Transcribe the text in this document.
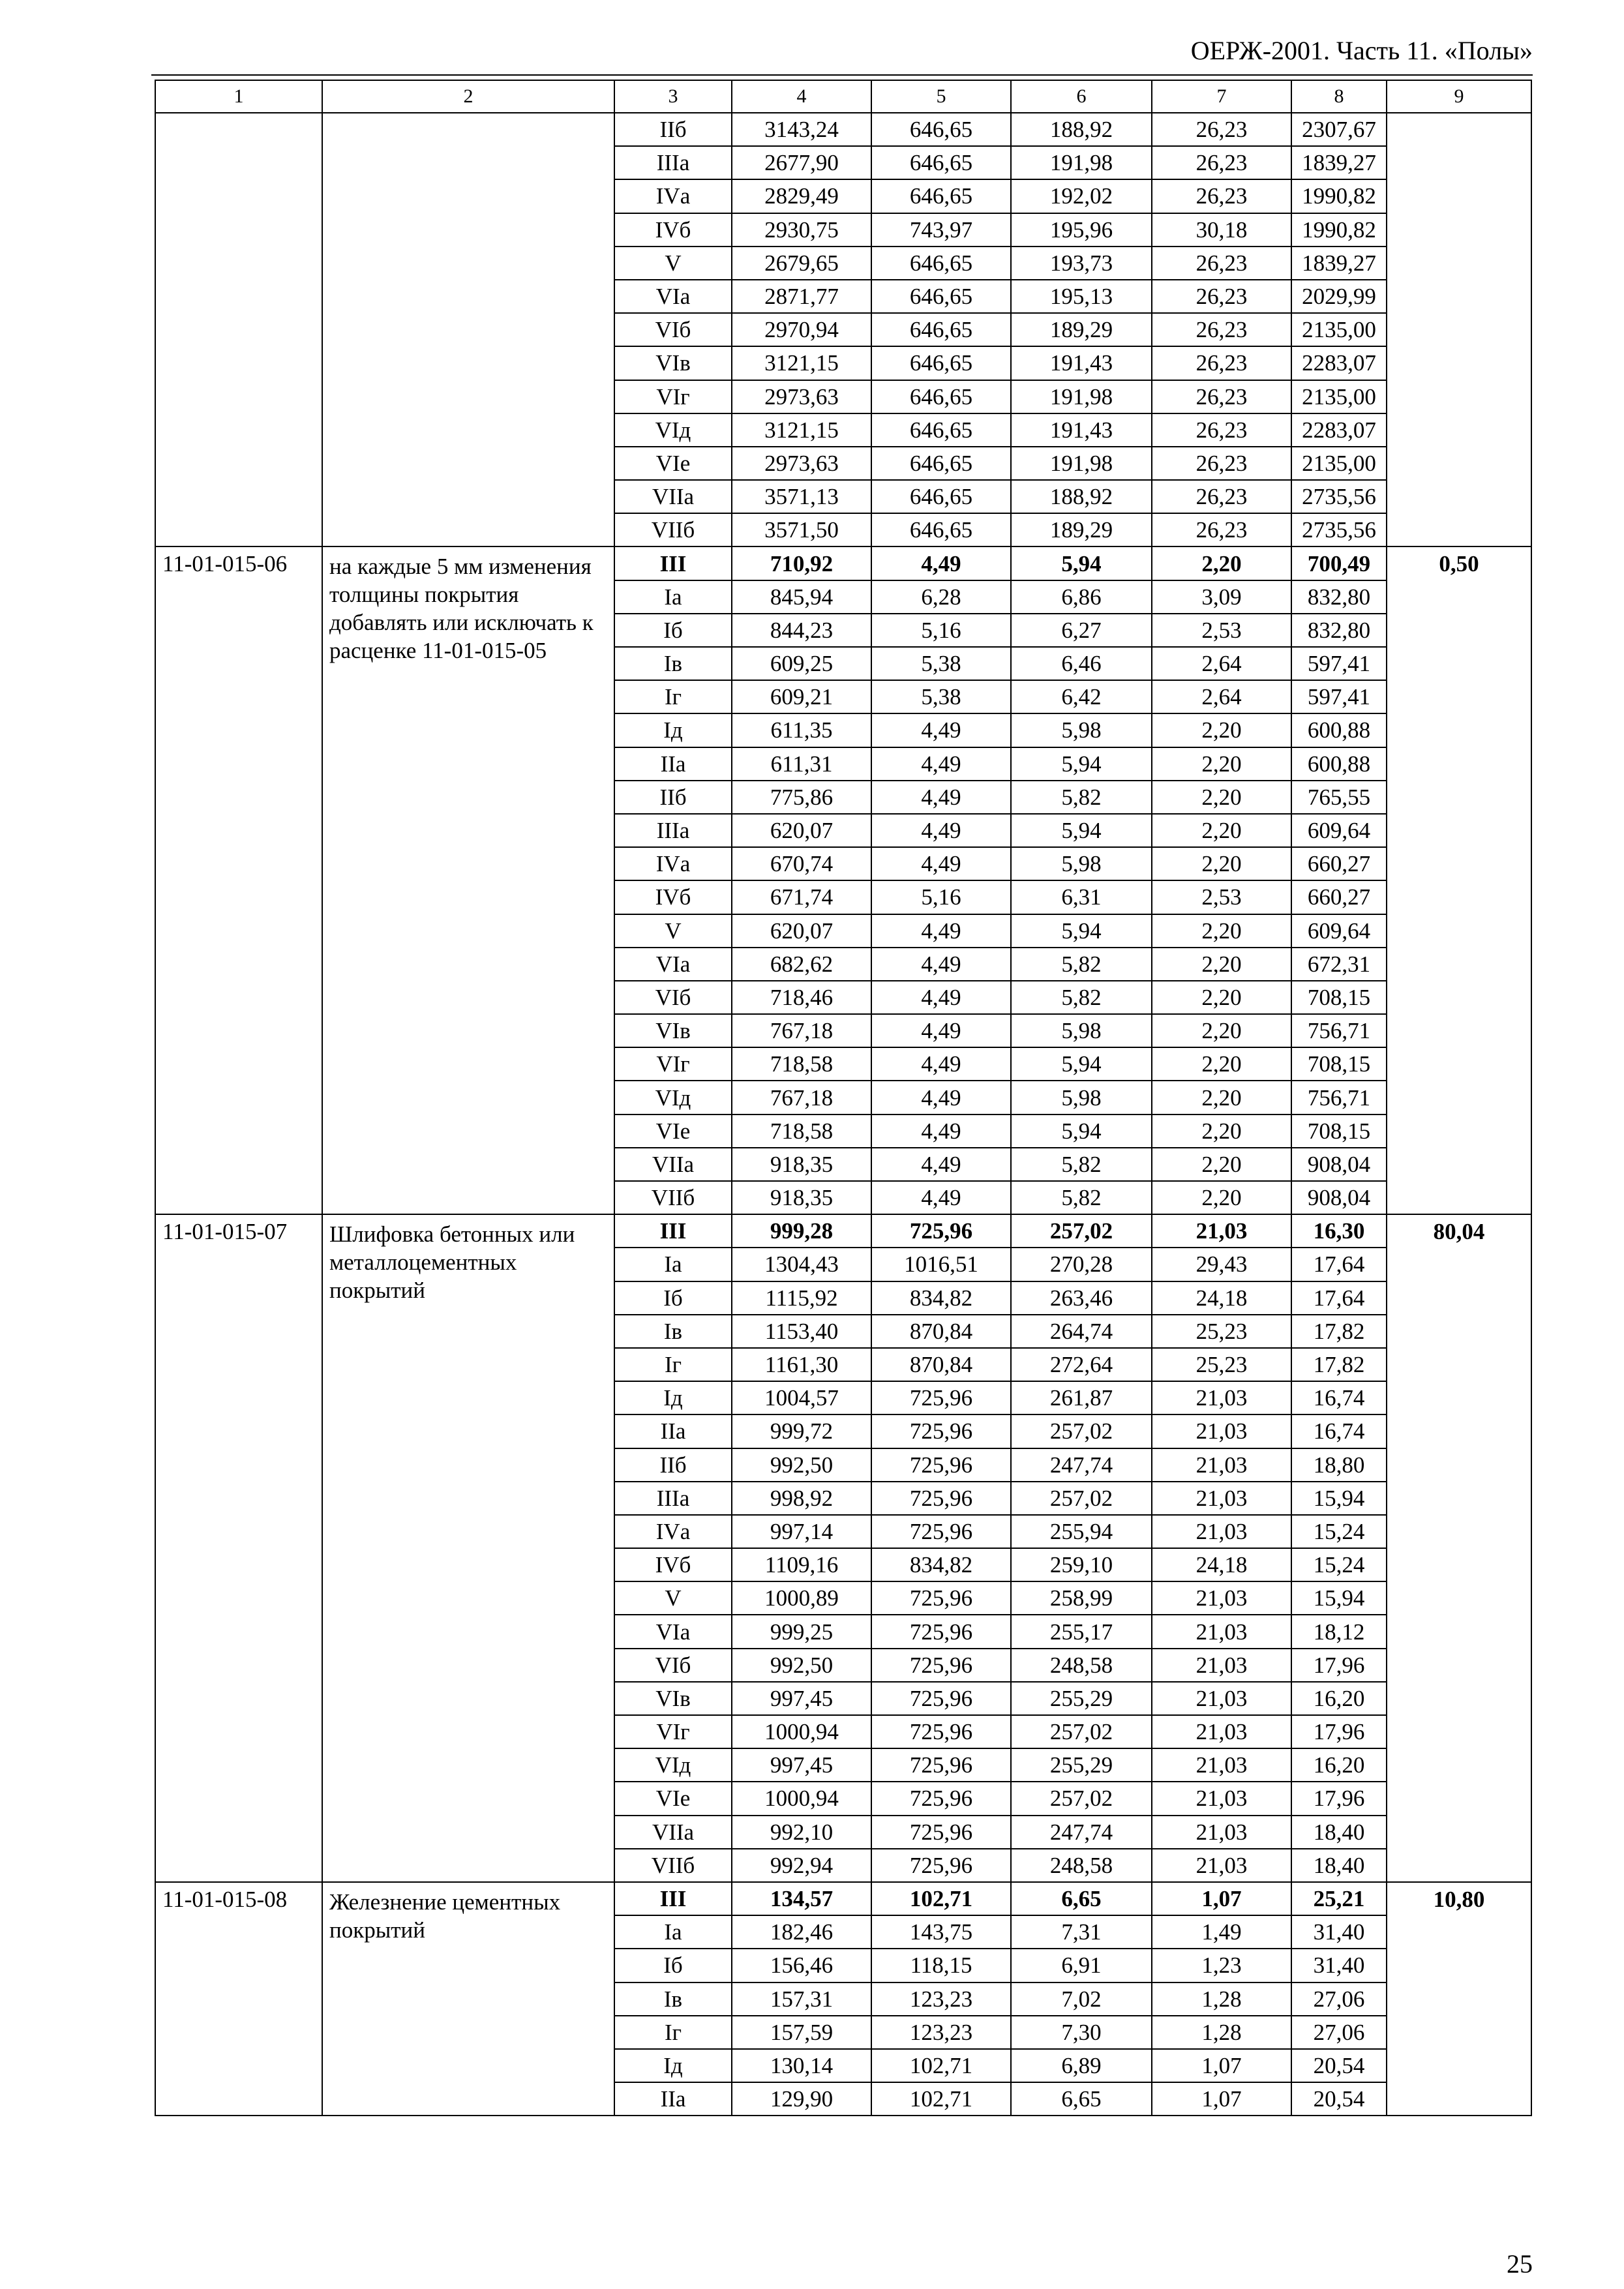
ОЕРЖ-2001. Часть 11. «Полы»
1	2	3	4	5	6	7	8	9
		IIб	3143,24	646,65	188,92	26,23	2307,67	
		IIIа	2677,90	646,65	191,98	26,23	1839,27	
		IVа	2829,49	646,65	192,02	26,23	1990,82	
		IVб	2930,75	743,97	195,96	30,18	1990,82	
		V	2679,65	646,65	193,73	26,23	1839,27	
		VIа	2871,77	646,65	195,13	26,23	2029,99	
		VIб	2970,94	646,65	189,29	26,23	2135,00	
		VIв	3121,15	646,65	191,43	26,23	2283,07	
		VIг	2973,63	646,65	191,98	26,23	2135,00	
		VIд	3121,15	646,65	191,43	26,23	2283,07	
		VIе	2973,63	646,65	191,98	26,23	2135,00	
		VIIа	3571,13	646,65	188,92	26,23	2735,56	
		VIIб	3571,50	646,65	189,29	26,23	2735,56	
11-01-015-06	на каждые 5 мм изменения толщины покрытия добавлять или исключать к расценке 11-01-015-05	III	710,92	4,49	5,94	2,20	700,49	0,50
		Iа	845,94	6,28	6,86	3,09	832,80	
		Iб	844,23	5,16	6,27	2,53	832,80	
		Iв	609,25	5,38	6,46	2,64	597,41	
		Iг	609,21	5,38	6,42	2,64	597,41	
		Iд	611,35	4,49	5,98	2,20	600,88	
		IIа	611,31	4,49	5,94	2,20	600,88	
		IIб	775,86	4,49	5,82	2,20	765,55	
		IIIа	620,07	4,49	5,94	2,20	609,64	
		IVа	670,74	4,49	5,98	2,20	660,27	
		IVб	671,74	5,16	6,31	2,53	660,27	
		V	620,07	4,49	5,94	2,20	609,64	
		VIа	682,62	4,49	5,82	2,20	672,31	
		VIб	718,46	4,49	5,82	2,20	708,15	
		VIв	767,18	4,49	5,98	2,20	756,71	
		VIг	718,58	4,49	5,94	2,20	708,15	
		VIд	767,18	4,49	5,98	2,20	756,71	
		VIе	718,58	4,49	5,94	2,20	708,15	
		VIIа	918,35	4,49	5,82	2,20	908,04	
		VIIб	918,35	4,49	5,82	2,20	908,04	
11-01-015-07	Шлифовка бетонных или металлоцементных покрытий	III	999,28	725,96	257,02	21,03	16,30	80,04
		Iа	1304,43	1016,51	270,28	29,43	17,64	
		Iб	1115,92	834,82	263,46	24,18	17,64	
		Iв	1153,40	870,84	264,74	25,23	17,82	
		Iг	1161,30	870,84	272,64	25,23	17,82	
		Iд	1004,57	725,96	261,87	21,03	16,74	
		IIа	999,72	725,96	257,02	21,03	16,74	
		IIб	992,50	725,96	247,74	21,03	18,80	
		IIIа	998,92	725,96	257,02	21,03	15,94	
		IVа	997,14	725,96	255,94	21,03	15,24	
		IVб	1109,16	834,82	259,10	24,18	15,24	
		V	1000,89	725,96	258,99	21,03	15,94	
		VIа	999,25	725,96	255,17	21,03	18,12	
		VIб	992,50	725,96	248,58	21,03	17,96	
		VIв	997,45	725,96	255,29	21,03	16,20	
		VIг	1000,94	725,96	257,02	21,03	17,96	
		VIд	997,45	725,96	255,29	21,03	16,20	
		VIе	1000,94	725,96	257,02	21,03	17,96	
		VIIа	992,10	725,96	247,74	21,03	18,40	
		VIIб	992,94	725,96	248,58	21,03	18,40	
11-01-015-08	Железнение цементных покрытий	III	134,57	102,71	6,65	1,07	25,21	10,80
		Iа	182,46	143,75	7,31	1,49	31,40	
		Iб	156,46	118,15	6,91	1,23	31,40	
		Iв	157,31	123,23	7,02	1,28	27,06	
		Iг	157,59	123,23	7,30	1,28	27,06	
		Iд	130,14	102,71	6,89	1,07	20,54	
		IIа	129,90	102,71	6,65	1,07	20,54	
25
